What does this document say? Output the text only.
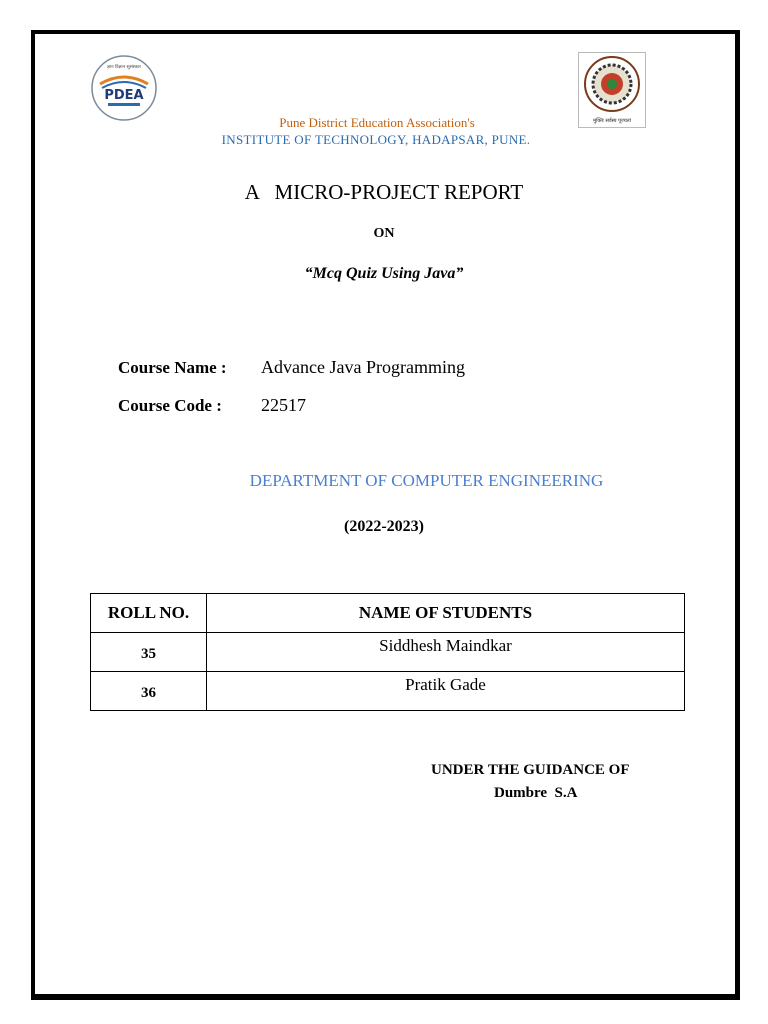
ज्ञान विज्ञान सुसंस्कार
PDEA
मुक्तिः सर्वस्य पूज्यतां
Pune District Education Association's
INSTITUTE OF TECHNOLOGY, HADAPSAR, PUNE.
A   MICRO-PROJECT REPORT
ON
“Mcq Quiz Using Java”
Course Name : Advance Java Programming
Course Code : 22517
DEPARTMENT OF COMPUTER ENGINEERING
(2022-2023)
ROLL NO.	NAME OF STUDENTS
35	Siddhesh Maindkar
36	Pratik Gade
UNDER THE GUIDANCE OF
Dumbre  S.A
